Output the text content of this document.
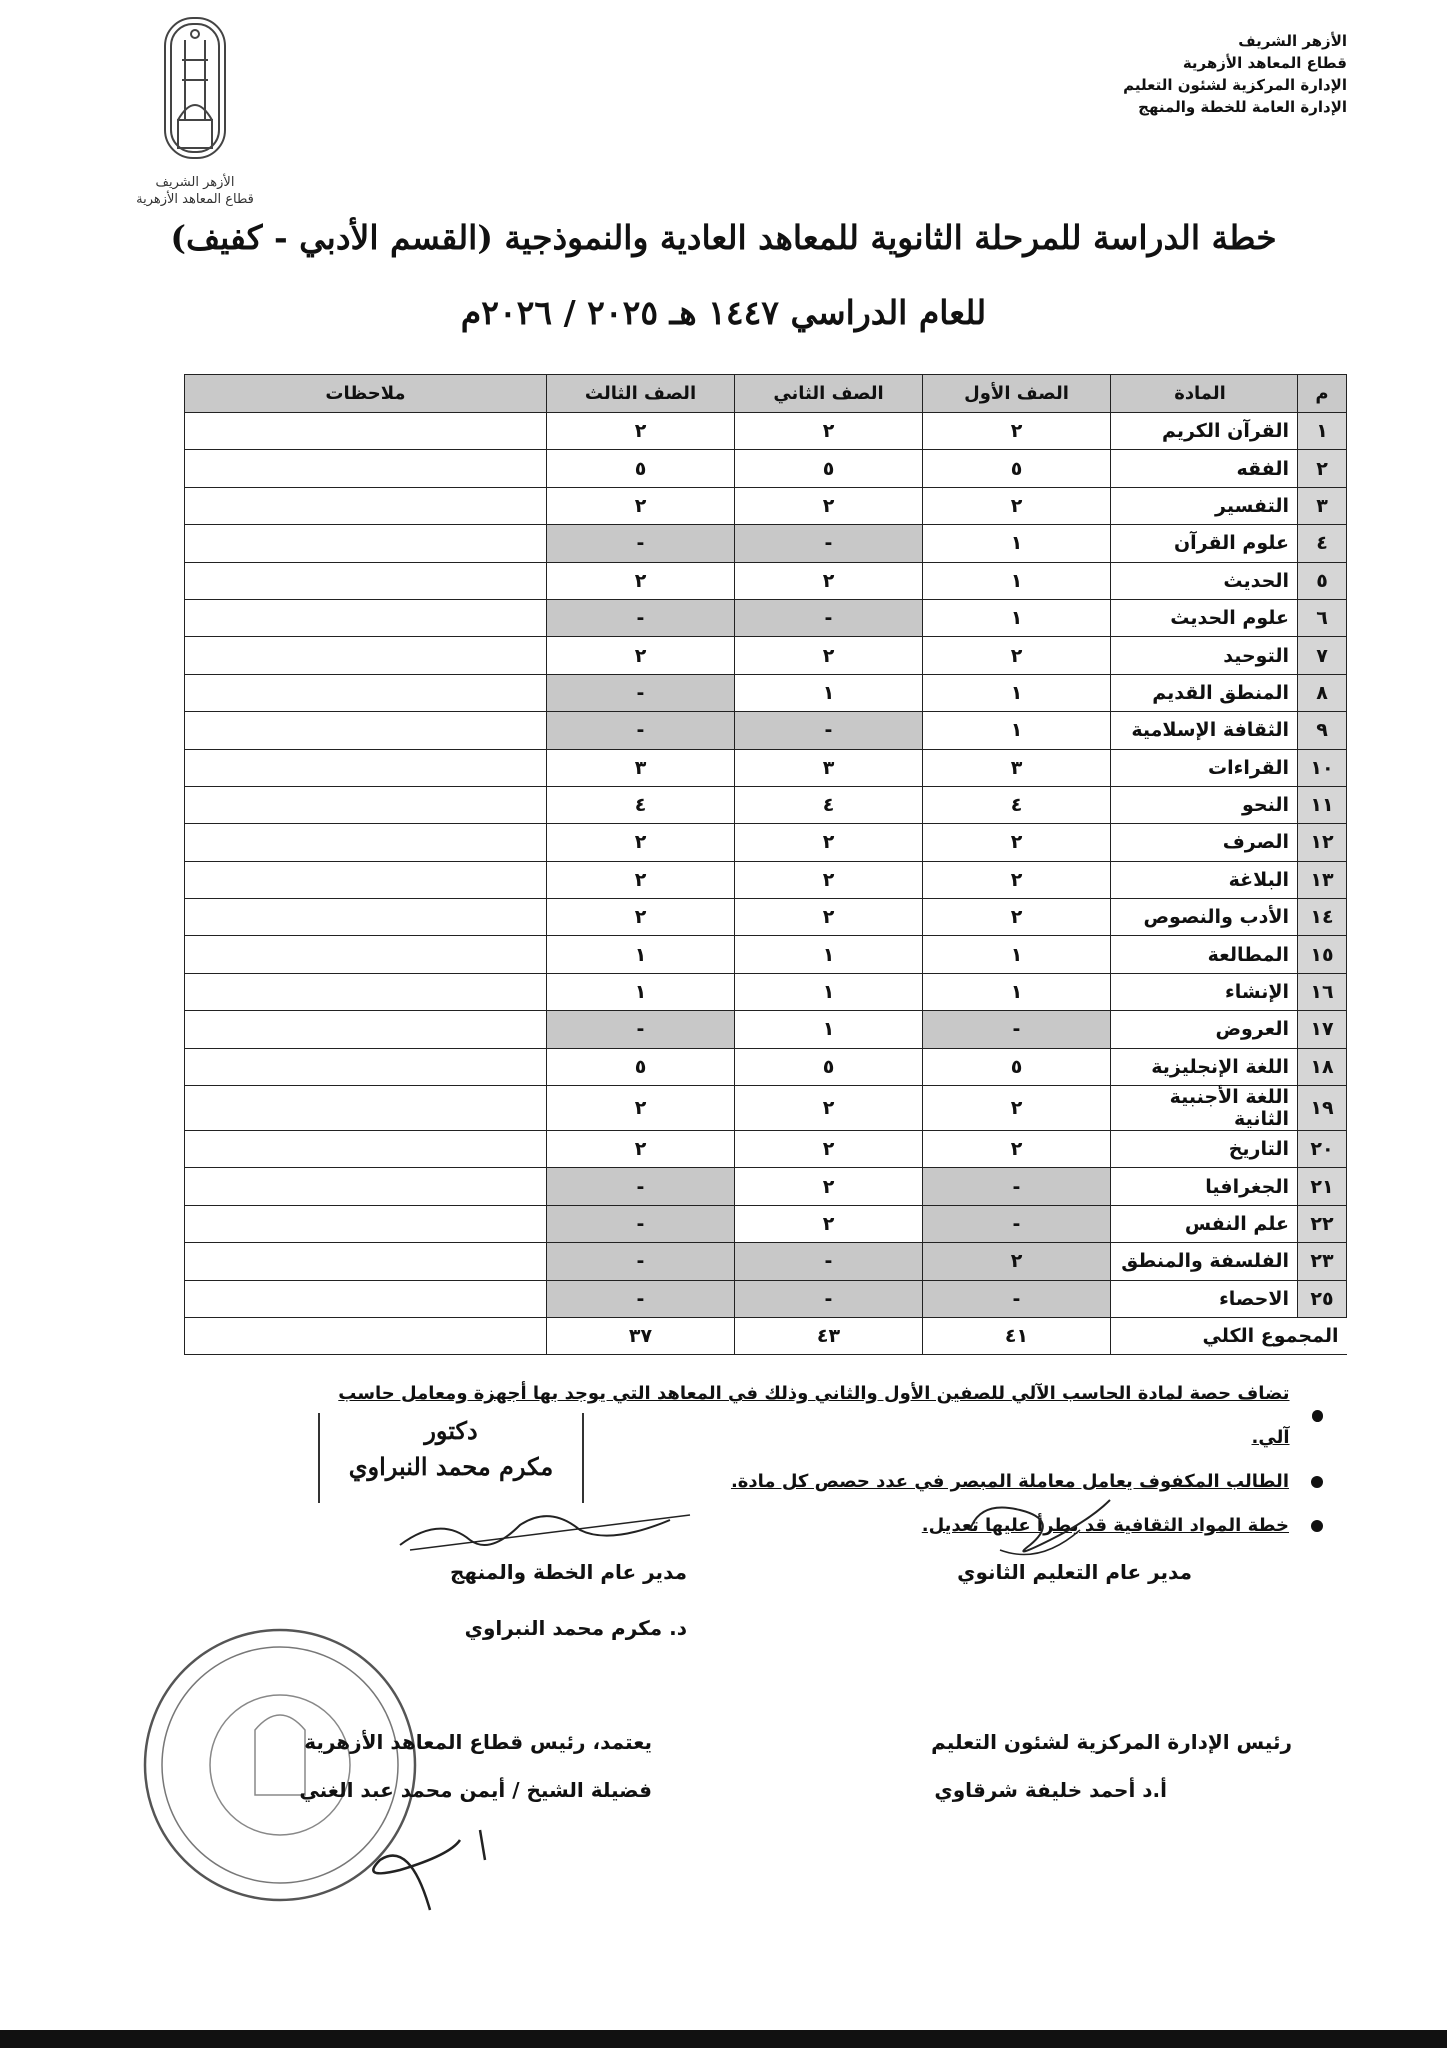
الأزهر الشريف
قطاع المعاهد الأزهرية
الإدارة المركزية لشئون التعليم
الإدارة العامة للخطة والمنهج
الأزهر الشريف
قطاع المعاهد الأزهرية
خطة الدراسة للمرحلة الثانوية للمعاهد العادية والنموذجية (القسم الأدبي - كفيف)
للعام الدراسي ١٤٤٧ هـ ٢٠٢٥ / ٢٠٢٦م
م	المادة	الصف الأول	الصف الثاني	الصف الثالث	ملاحظات
١	القرآن الكريم	٢	٢	٢	
٢	الفقه	٥	٥	٥	
٣	التفسير	٢	٢	٢	
٤	علوم القرآن	١	-	-	
٥	الحديث	١	٢	٢	
٦	علوم الحديث	١	-	-	
٧	التوحيد	٢	٢	٢	
٨	المنطق القديم	١	١	-	
٩	الثقافة الإسلامية	١	-	-	
١٠	القراءات	٣	٣	٣	
١١	النحو	٤	٤	٤	
١٢	الصرف	٢	٢	٢	
١٣	البلاغة	٢	٢	٢	
١٤	الأدب والنصوص	٢	٢	٢	
١٥	المطالعة	١	١	١	
١٦	الإنشاء	١	١	١	
١٧	العروض	-	١	-	
١٨	اللغة الإنجليزية	٥	٥	٥	
١٩	اللغة الأجنبية الثانية	٢	٢	٢	
٢٠	التاريخ	٢	٢	٢	
٢١	الجغرافيا	-	٢	-	
٢٢	علم النفس	-	٢	-	
٢٣	الفلسفة والمنطق	٢	-	-	
٢٥	الاحصاء	-	-	-	
المجموع الكلي		٤١	٤٣	٣٧	
تضاف حصة لمادة الحاسب الآلي للصفين الأول والثاني وذلك في المعاهد التي يوجد بها أجهزة ومعامل حاسب آلي.
الطالب المكفوف يعامل معاملة المبصر في عدد حصص كل مادة.
خطة المواد الثقافية قد يطرأ عليها تعديل.
دكتور
مكرم محمد النبراوي
مدير عام التعليم الثانوي
مدير عام الخطة والمنهج
د. مكرم محمد النبراوي
رئيس الإدارة المركزية لشئون التعليم
أ.د أحمد خليفة شرقاوي
يعتمد، رئيس قطاع المعاهد الأزهرية
فضيلة الشيخ / أيمن محمد عبد الغني
